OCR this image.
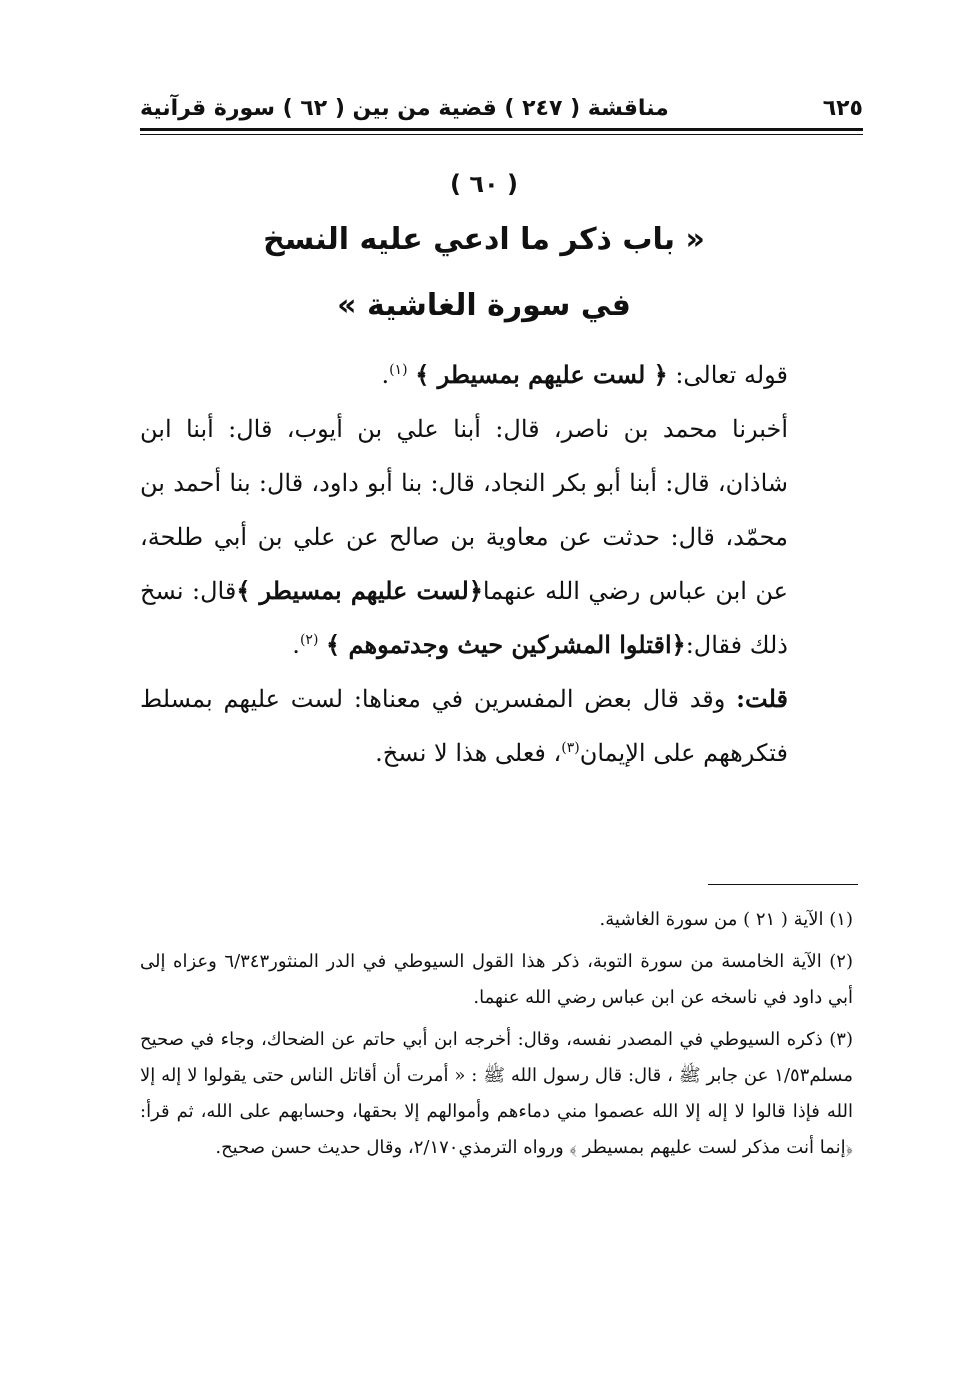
٦٢٥
مناقشة ( ٢٤٧ ) قضية من بين ( ٦٢ ) سورة قرآنية
( ٦٠ )
« باب ذكر ما ادعي عليه النسخ
في سورة الغاشية »

قوله تعالى: ﴿ لست عليهم بمسيطر ﴾ $^{(١)}$.

أخبرنا محمد بن ناصر، قال: أبنا علي بن أيوب، قال: أبنا ابن شاذان، قال: أبنا أبو بكر النجاد، قال: بنا أبو داود، قال: بنا أحمد بن محمّد، قال: حدثت عن معاوية بن صالح عن علي بن أبي طلحة، عن ابن عباس رضي الله عنهما﴿لست عليهم بمسيطر ﴾قال: نسخ ذلك فقال:﴿اقتلوا المشركين حيث وجدتموهم ﴾ $^{(٢)}$.

قلت: وقد قال بعض المفسرين في معناها: لست عليهم بمسلط فتكرههم على الإيمان$^{(٣)}$، فعلى هذا لا نسخ.

(١) الآية ( ٢١ ) من سورة الغاشية.

(٢) الآية الخامسة من سورة التوبة، ذكر هذا القول السيوطي في الدر المنثور٦/٣٤٣ وعزاه إلى أبي داود في ناسخه عن ابن عباس رضي الله عنهما.

(٣) ذكره السيوطي في المصدر نفسه، وقال: أخرجه ابن أبي حاتم عن الضحاك، وجاء في صحيح مسلم١/٥٣ عن جابر ﷺ ، قال: قال رسول الله ﷺ : « أمرت أن أقاتل الناس حتى يقولوا لا إله إلا الله فإذا قالوا لا إله إلا الله عصموا مني دماءهم وأموالهم إلا بحقها، وحسابهم على الله، ثم قرأ: ﴿إنما أنت مذكر لست عليهم بمسيطر ﴾ ورواه الترمذي٢/١٧٠، وقال حديث حسن صحيح.
